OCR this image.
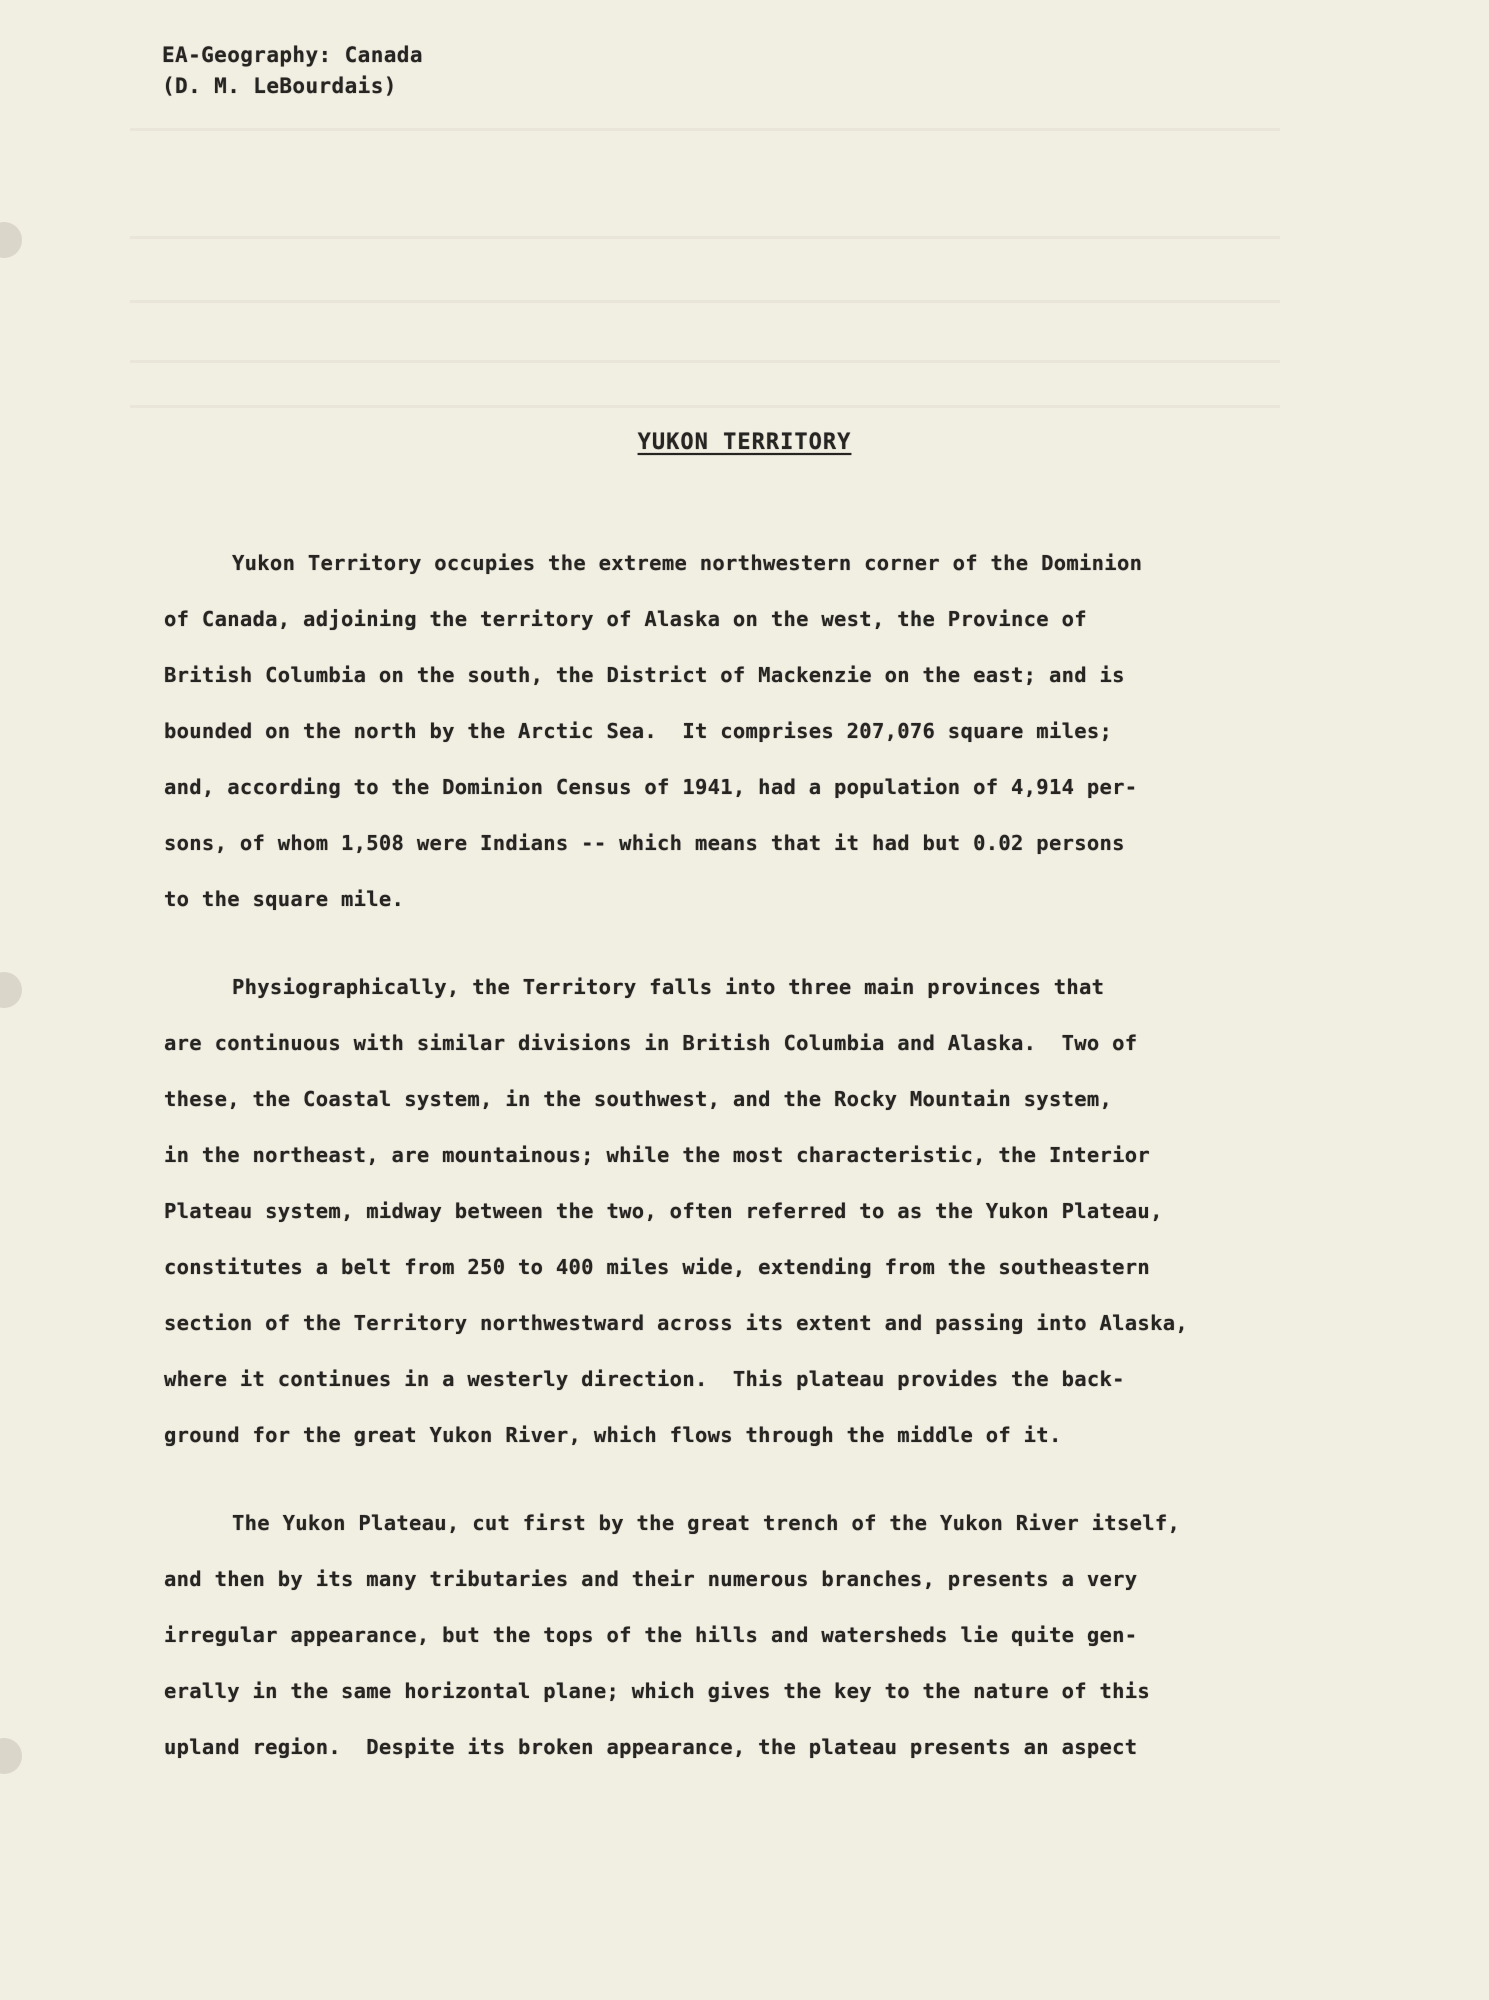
EA-Geography: Canada
(D. M. LeBourdais)
YUKON TERRITORY
Yukon Territory occupies the extreme northwestern corner of the Dominion
of Canada, adjoining the territory of Alaska on the west, the Province of
British Columbia on the south, the District of Mackenzie on the east; and is
bounded on the north by the Arctic Sea.  It comprises 207,076 square miles;
and, according to the Dominion Census of 1941, had a population of 4,914 per-
sons, of whom 1,508 were Indians -- which means that it had but 0.02 persons
to the square mile.
Physiographically, the Territory falls into three main provinces that
are continuous with similar divisions in British Columbia and Alaska.  Two of
these, the Coastal system, in the southwest, and the Rocky Mountain system,
in the northeast, are mountainous; while the most characteristic, the Interior
Plateau system, midway between the two, often referred to as the Yukon Plateau,
constitutes a belt from 250 to 400 miles wide, extending from the southeastern
section of the Territory northwestward across its extent and passing into Alaska,
where it continues in a westerly direction.  This plateau provides the back-
ground for the great Yukon River, which flows through the middle of it.
The Yukon Plateau, cut first by the great trench of the Yukon River itself,
and then by its many tributaries and their numerous branches, presents a very
irregular appearance, but the tops of the hills and watersheds lie quite gen-
erally in the same horizontal plane; which gives the key to the nature of this
upland region.  Despite its broken appearance, the plateau presents an aspect
